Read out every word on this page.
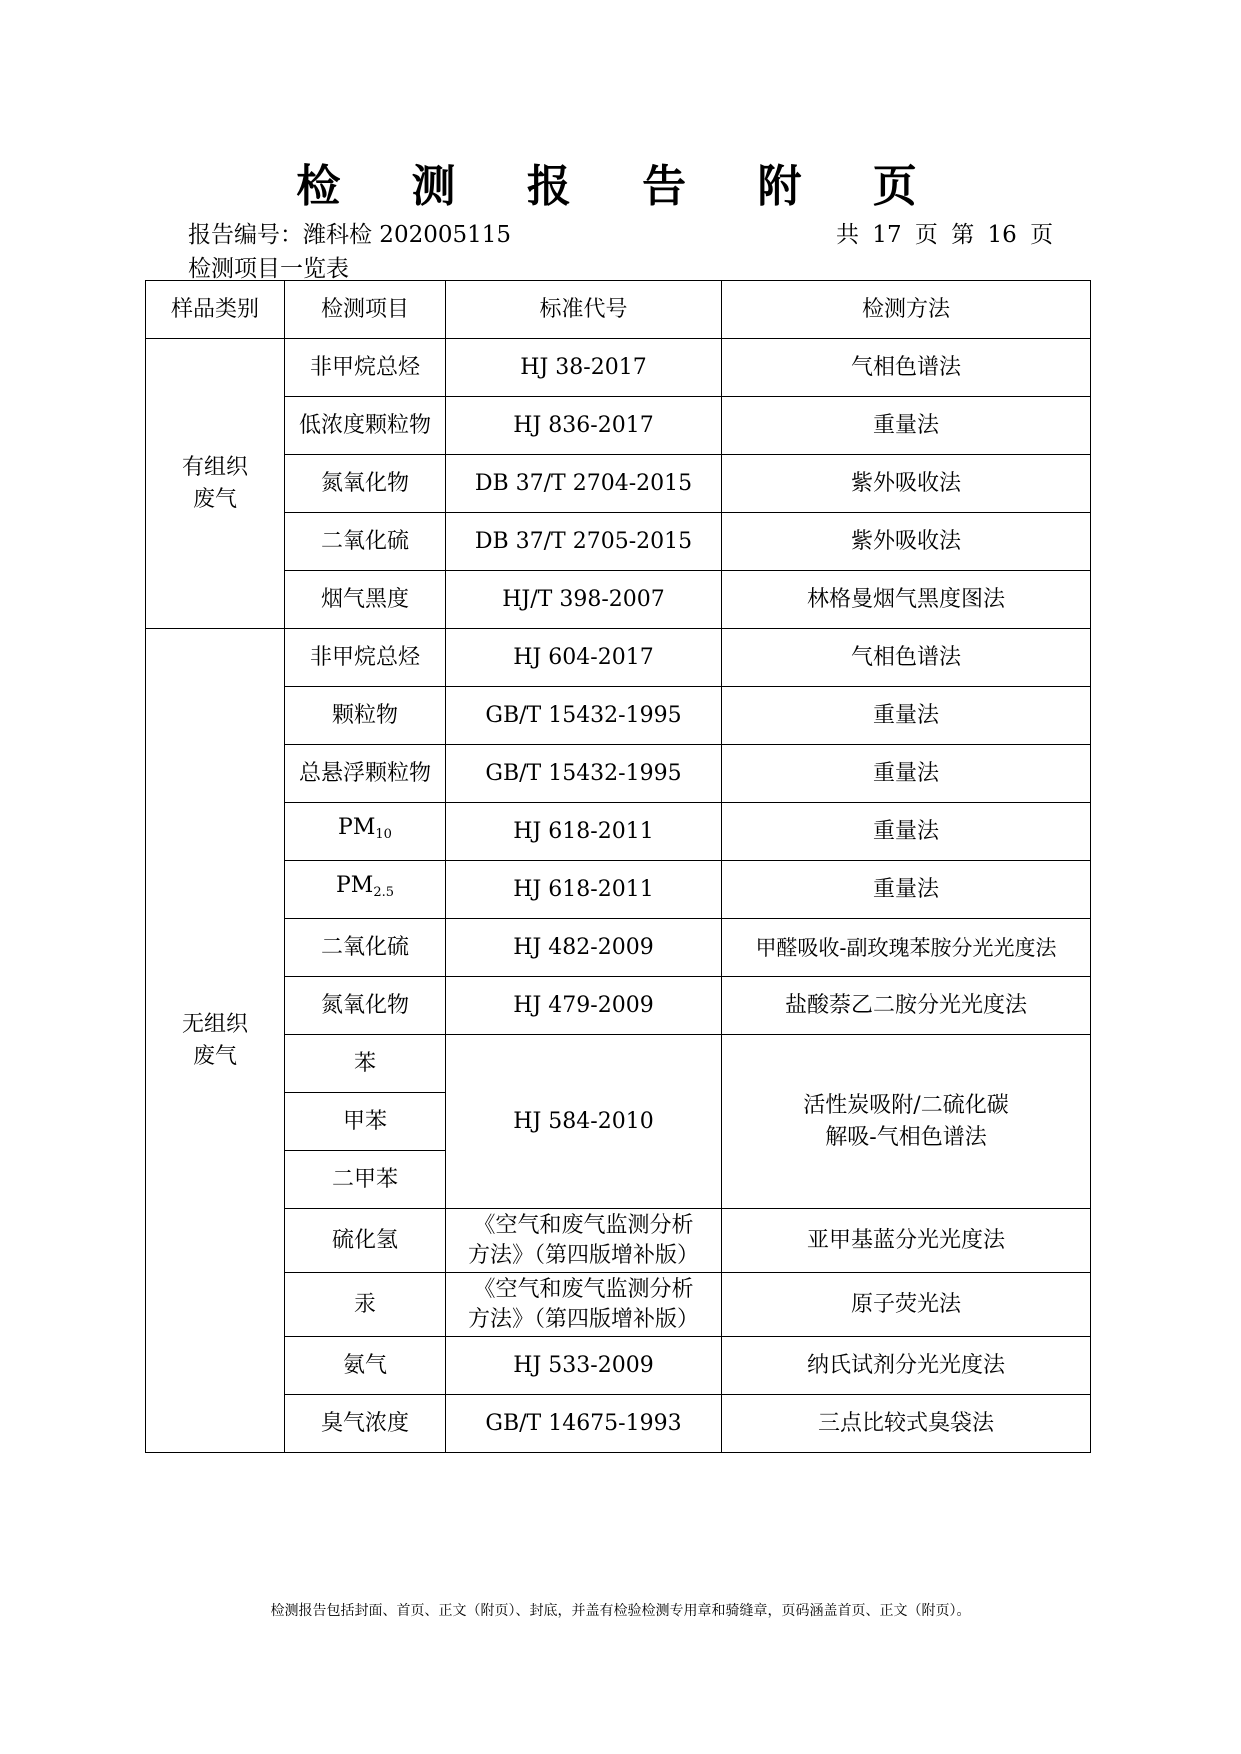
检 测 报 告 附 页
报告编号：潍科检 202005115	共 17 页 第 16 页
检测项目一览表
样品类别	检测项目	标准代号	检测方法
有组织
废气	非甲烷总烃	HJ 38-2017	气相色谱法
	低浓度颗粒物	HJ 836-2017	重量法
	氮氧化物	DB 37/T 2704-2015	紫外吸收法
	二氧化硫	DB 37/T 2705-2015	紫外吸收法
	烟气黑度	HJ/T 398-2007	林格曼烟气黑度图法
无组织
废气	非甲烷总烃	HJ 604-2017	气相色谱法
	颗粒物	GB/T 15432-1995	重量法
	总悬浮颗粒物	GB/T 15432-1995	重量法
	$PM_{10}$	HJ 618-2011	重量法
	$PM_{2.5}$	HJ 618-2011	重量法
	二氧化硫	HJ 482-2009	甲醛吸收-副玫瑰苯胺分光光度法
	氮氧化物	HJ 479-2009	盐酸萘乙二胺分光光度法
	苯	HJ 584-2010	活性炭吸附/二硫化碳
解吸-气相色谱法
	甲苯		
	二甲苯		
	硫化氢	《空气和废气监测分析
方法》（第四版增补版）	亚甲基蓝分光光度法
	汞	《空气和废气监测分析
方法》（第四版增补版）	原子荧光法
	氨气	HJ 533-2009	纳氏试剂分光光度法
	臭气浓度	GB/T 14675-1993	三点比较式臭袋法

检测报告包括封面、首页、正文（附页）、封底，并盖有检验检测专用章和骑缝章，页码涵盖首页、正文（附页）。
